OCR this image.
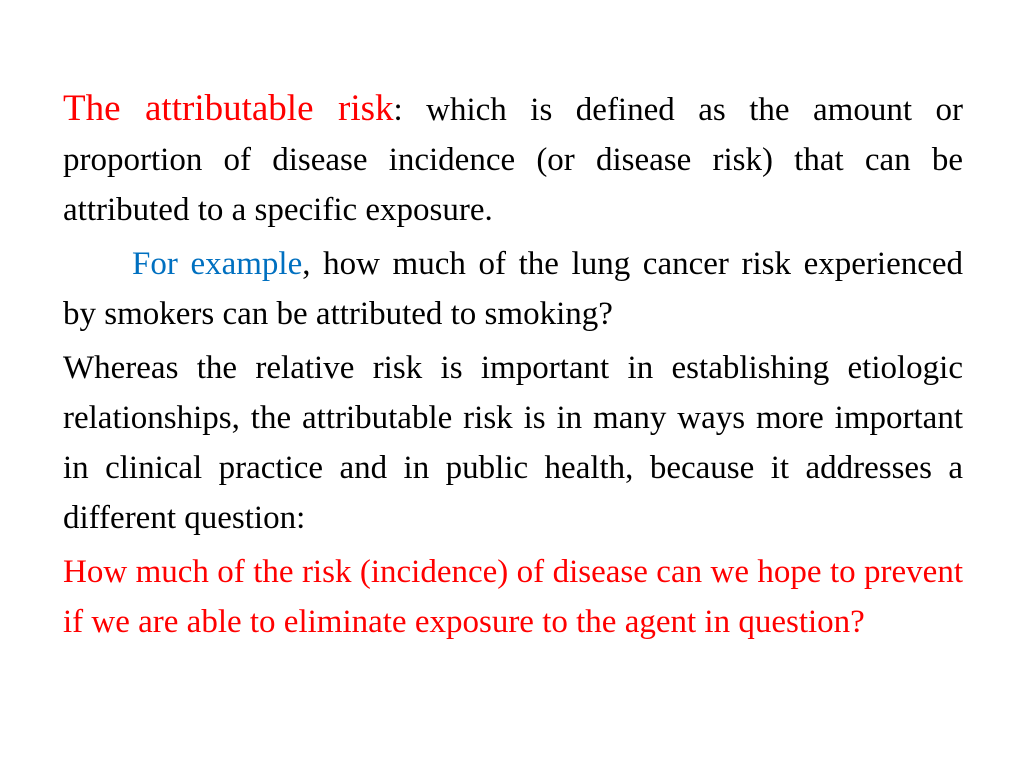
The attributable risk: which is defined as the amount or proportion of disease incidence (or disease risk) that can be attributed to a specific exposure.

For example, how much of the lung cancer risk experienced by smokers can be attributed to smoking?

Whereas the relative risk is important in establishing etiologic relationships, the attributable risk is in many ways more important in clinical practice and in public health, because it addresses a different question:

How much of the risk (incidence) of disease can we hope to prevent if we are able to eliminate exposure to the agent in question?
